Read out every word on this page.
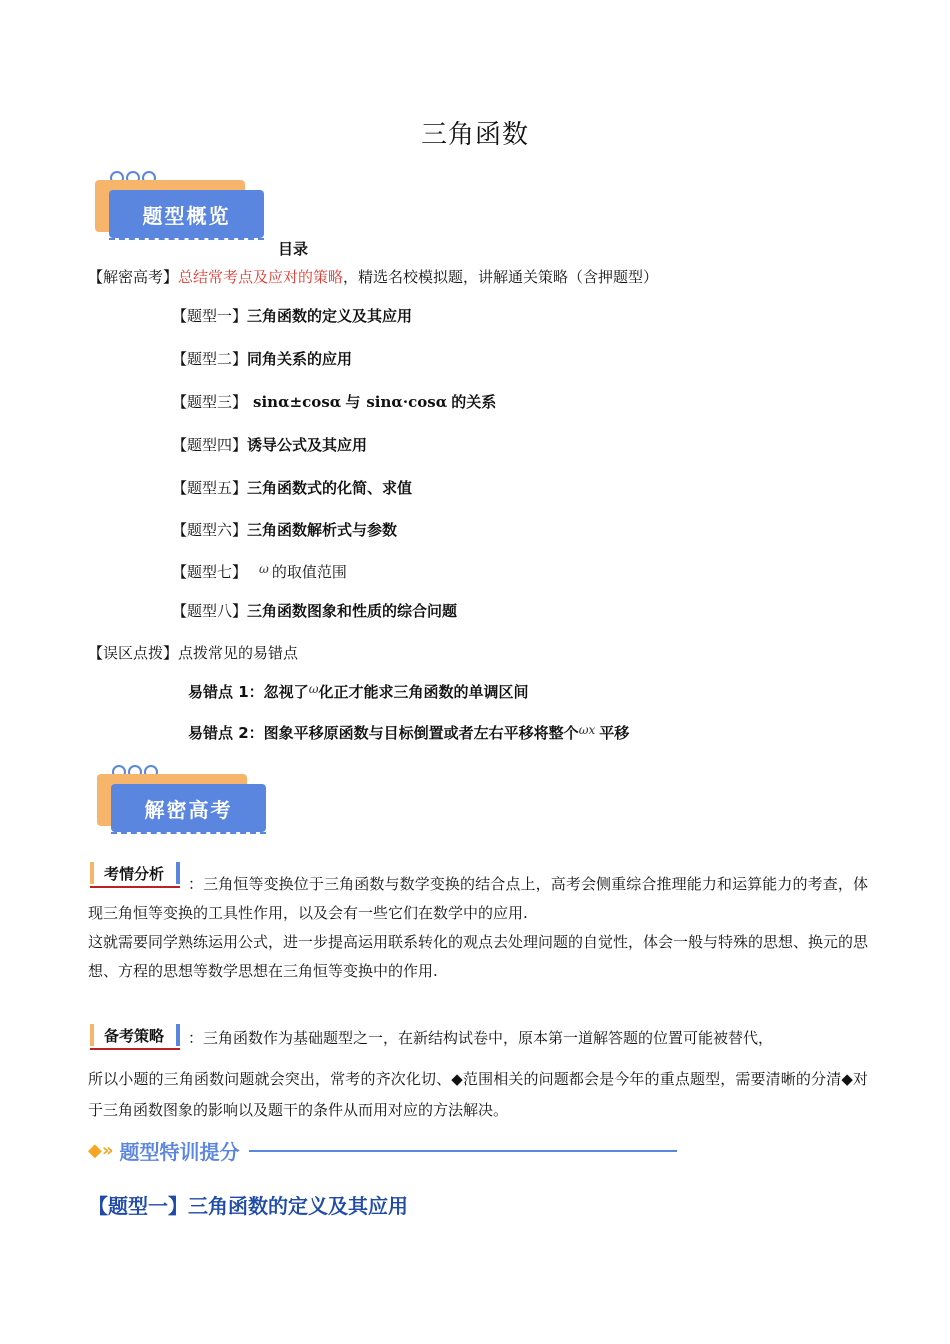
三角函数
题型概览
目录
【解密高考】总结常考点及应对的策略，精选名校模拟题，讲解通关策略（含押题型）
【题型一】三角函数的定义及其应用
【题型二】同角关系的应用
【题型三】 sinα±cosα 与 sinα·cosα 的关系
【题型四】诱导公式及其应用
【题型五】三角函数式的化简、求值
【题型六】三角函数解析式与参数
【题型七】 $^\omega$ 的取值范围
【题型八】三角函数图象和性质的综合问题
【误区点拨】点拨常见的易错点
易错点 1：忽视了$^\omega$化正才能求三角函数的单调区间
易错点 2：图象平移原函数与目标倒置或者左右平移将整个$^{\omega x}$ 平移
解密高考
考情分析
：三角恒等变换位于三角函数与数学变换的结合点上，高考会侧重综合推理能力和运算能力的考查，体现三角恒等变换的工具性作用，以及会有一些它们在数学中的应用.
这就需要同学熟练运用公式，进一步提高运用联系转化的观点去处理问题的自觉性，体会一般与特殊的思想、换元的思想、方程的思想等数学思想在三角恒等变换中的作用.
备考策略	：三角函数作为基础题型之一，在新结构试卷中，原本第一道解答题的位置可能被替代，
所以小题的三角函数问题就会突出，常考的齐次化切、◆范围相关的问题都会是今年的重点题型，需要清晰的分清◆对于三角函数图象的影响以及题干的条件从而用对应的方法解决。
◆» 题型特训提分
【题型一】三角函数的定义及其应用
